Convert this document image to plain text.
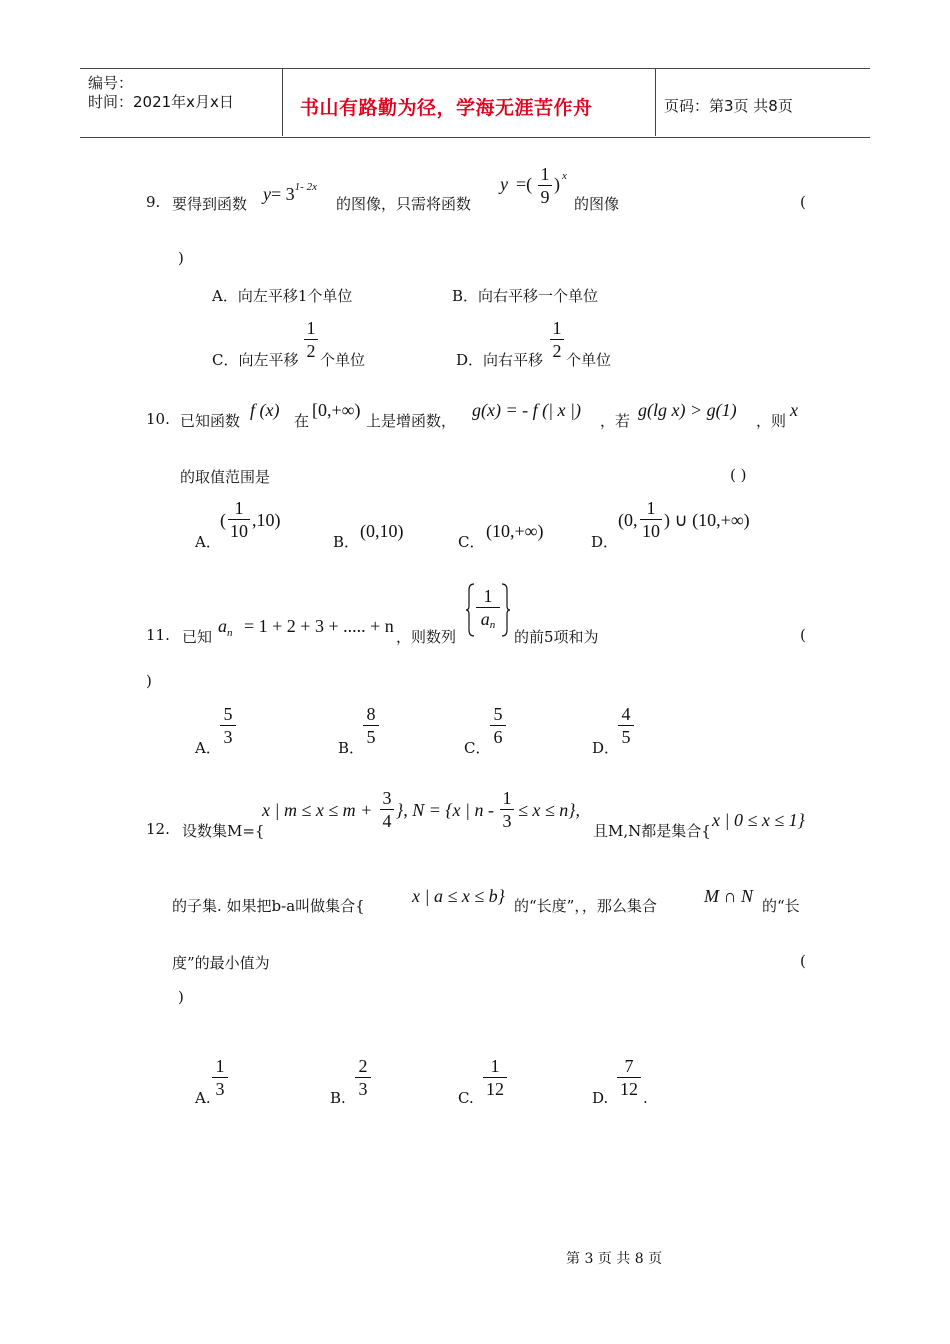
编号：
时间：2021年x月x日	书山有路勤为径，学海无涯苦作舟	页码：第3页 共8页
9. 要得到函数 $y= 3^{1- 2x}$
的图像，只需将函数
y =( 1
9
) x
的图像	(
)
A．向左平移1个单位	B．向右平移一个单位
C．向左平移
1
2 个单位	D．向右平移
1
2 个单位
10. 已知函数
f (x)
在
[0,+∞)
上是增函数，
g(x) = - f (| x |)
，若
g(lg x) > g(1)
，则
x
的取值范围是	( )
A．
(
1
10
,10)
B．
(0,10)
C．
(10,+∞)
D．
(0,
1
10
) ∪ (10,+∞)
11. 已知
$a_n = 1 + 2 + 3$ + ..... + n
，则数列
1
an
的前5项和为	(
)
A．
5
3
B．
8
5
C．
5
6
D．
4
5
12. 设数集M={
x | m ≤ x ≤ m +
3
4
}, N = {x | n -
1
3
≤ x ≤ n},
且M,N都是集合{
x | 0 ≤ x ≤ 1}
的子集. 如果把b-a叫做集合{	x | a ≤ x ≤ b} 的“长度”，，那么集合	M ∩ N 的“长
度”的最小值为	(
)
A.
1
3	B.
2
3	C.
1
12	D.
7
12 .
第 3 页 共 8 页
